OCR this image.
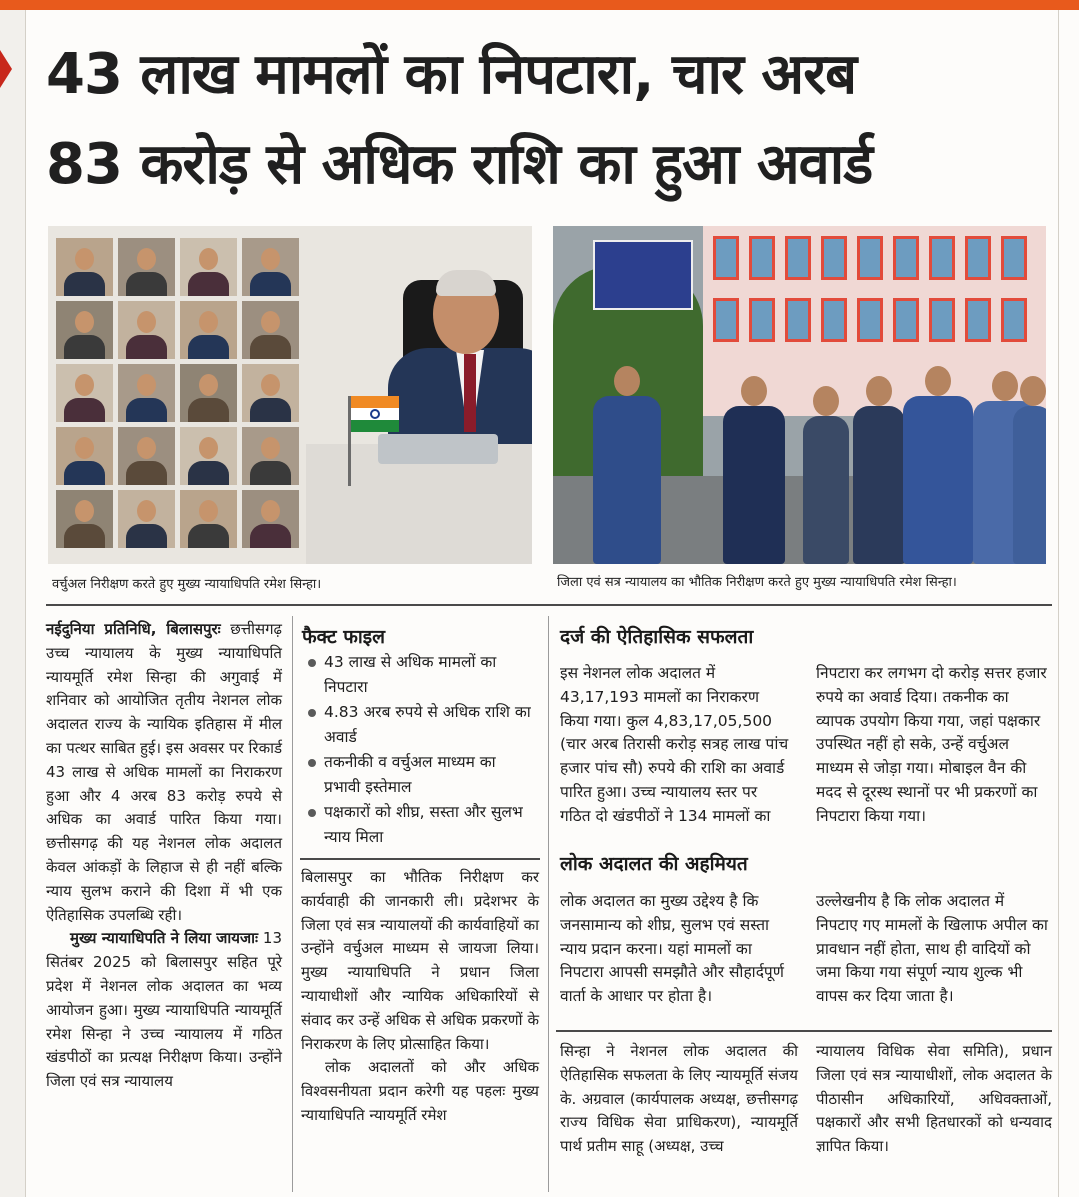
43 लाख मामलों का निपटारा, चार अरब
83 करोड़ से अधिक राशि का हुआ अवार्ड
वर्चुअल निरीक्षण करते हुए मुख्य न्यायाधिपति रमेश सिन्हा।	जिला एवं सत्र न्यायालय का भौतिक निरीक्षण करते हुए मुख्य न्यायाधिपति रमेश सिन्हा।

नईदुनिया प्रतिनिधि, बिलासपुरः छत्तीसगढ़ उच्च न्यायालय के मुख्य न्यायाधिपति न्यायमूर्ति रमेश सिन्हा की अगुवाई में शनिवार को आयोजित तृतीय नेशनल लोक अदालत राज्य के न्यायिक इतिहास में मील का पत्थर साबित हुई। इस अवसर पर रिकार्ड 43 लाख से अधिक मामलों का निराकरण हुआ और 4 अरब 83 करोड़ रुपये से अधिक का अवार्ड पारित किया गया। छत्तीसगढ़ की यह नेशनल लोक अदालत केवल आंकड़ों के लिहाज से ही नहीं बल्कि न्याय सुलभ कराने की दिशा में भी एक ऐतिहासिक उपलब्धि रही।

मुख्य न्यायाधिपति ने लिया जायजाः 13 सितंबर 2025 को बिलासपुर सहित पूरे प्रदेश में नेशनल लोक अदालत का भव्य आयोजन हुआ। मुख्य न्यायाधिपति न्यायमूर्ति रमेश सिन्हा ने उच्च न्यायालय में गठित खंडपीठों का प्रत्यक्ष निरीक्षण किया। उन्होंने जिला एवं सत्र न्यायालय

फैक्ट फाइल
43 लाख से अधिक मामलों का निपटारा
4.83 अरब रुपये से अधिक राशि का अवार्ड
तकनीकी व वर्चुअल माध्यम का प्रभावी इस्तेमाल
पक्षकारों को शीघ्र, सस्ता और सुलभ न्याय मिला

बिलासपुर का भौतिक निरीक्षण कर कार्यवाही की जानकारी ली। प्रदेशभर के जिला एवं सत्र न्यायालयों की कार्यवाहियों का उन्होंने वर्चुअल माध्यम से जायजा लिया। मुख्य न्यायाधिपति ने प्रधान जिला न्यायाधीशों और न्यायिक अधिकारियों से संवाद कर उन्हें अधिक से अधिक प्रकरणों के निराकरण के लिए प्रोत्साहित किया।

लोक अदालतों को और अधिक विश्वसनीयता प्रदान करेगी यह पहलः मुख्य न्यायाधिपति न्यायमूर्ति रमेश

दर्ज की ऐतिहासिक सफलता
इस नेशनल लोक अदालत में 43,17,193 मामलों का निराकरण किया गया। कुल 4,83,17,05,500 (चार अरब तिरासी करोड़ सत्रह लाख पांच हजार पांच सौ) रुपये की राशि का अवार्ड पारित हुआ। उच्च न्यायालय स्तर पर गठित दो खंडपीठों ने 134 मामलों का
निपटारा कर लगभग दो करोड़ सत्तर हजार रुपये का अवार्ड दिया। तकनीक का व्यापक उपयोग किया गया, जहां पक्षकार उपस्थित नहीं हो सके, उन्हें वर्चुअल माध्यम से जोड़ा गया। मोबाइल वैन की मदद से दूरस्थ स्थानों पर भी प्रकरणों का निपटारा किया गया।
लोक अदालत की अहमियत
लोक अदालत का मुख्य उद्देश्य है कि जनसामान्य को शीघ्र, सुलभ एवं सस्ता न्याय प्रदान करना। यहां मामलों का निपटारा आपसी समझौते और सौहार्दपूर्ण वार्ता के आधार पर होता है।
उल्लेखनीय है कि लोक अदालत में निपटाए गए मामलों के खिलाफ अपील का प्रावधान नहीं होता, साथ ही वादियों को जमा किया गया संपूर्ण न्याय शुल्क भी वापस कर दिया जाता है।
सिन्हा ने नेशनल लोक अदालत की ऐतिहासिक सफलता के लिए न्यायमूर्ति संजय के. अग्रवाल (कार्यपालक अध्यक्ष, छत्तीसगढ़ राज्य विधिक सेवा प्राधिकरण), न्यायमूर्ति पार्थ प्रतीम साहू (अध्यक्ष, उच्च
न्यायालय विधिक सेवा समिति), प्रधान जिला एवं सत्र न्यायाधीशों, लोक अदालत के पीठासीन अधिकारियों, अधिवक्ताओं, पक्षकारों और सभी हितधारकों को धन्यवाद ज्ञापित किया।
